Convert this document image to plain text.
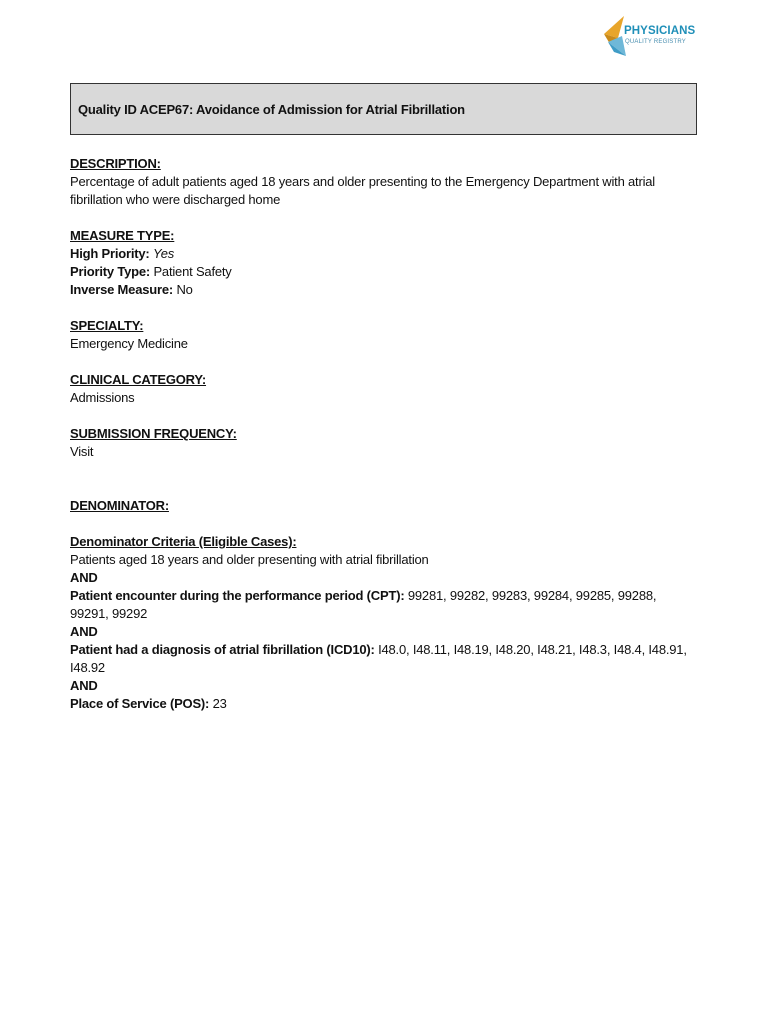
PHYSICIANS
QUALITY REGISTRY
Quality ID ACEP67: Avoidance of Admission for Atrial Fibrillation

DESCRIPTION:

Percentage of adult patients aged 18 years and older presenting to the Emergency Department with atrial fibrillation who were discharged home

MEASURE TYPE:

High Priority: Yes

Priority Type: Patient Safety

Inverse Measure: No

SPECIALTY:

Emergency Medicine

CLINICAL CATEGORY:

Admissions

SUBMISSION FREQUENCY:

Visit

DENOMINATOR:

Denominator Criteria (Eligible Cases):

Patients aged 18 years and older presenting with atrial fibrillation

AND

Patient encounter during the performance period (CPT): 99281, 99282, 99283, 99284, 99285, 99288, 99291, 99292

AND

Patient had a diagnosis of atrial fibrillation (ICD10): I48.0, I48.11, I48.19, I48.20, I48.21, I48.3, I48.4, I48.91, I48.92

AND

Place of Service (POS): 23
